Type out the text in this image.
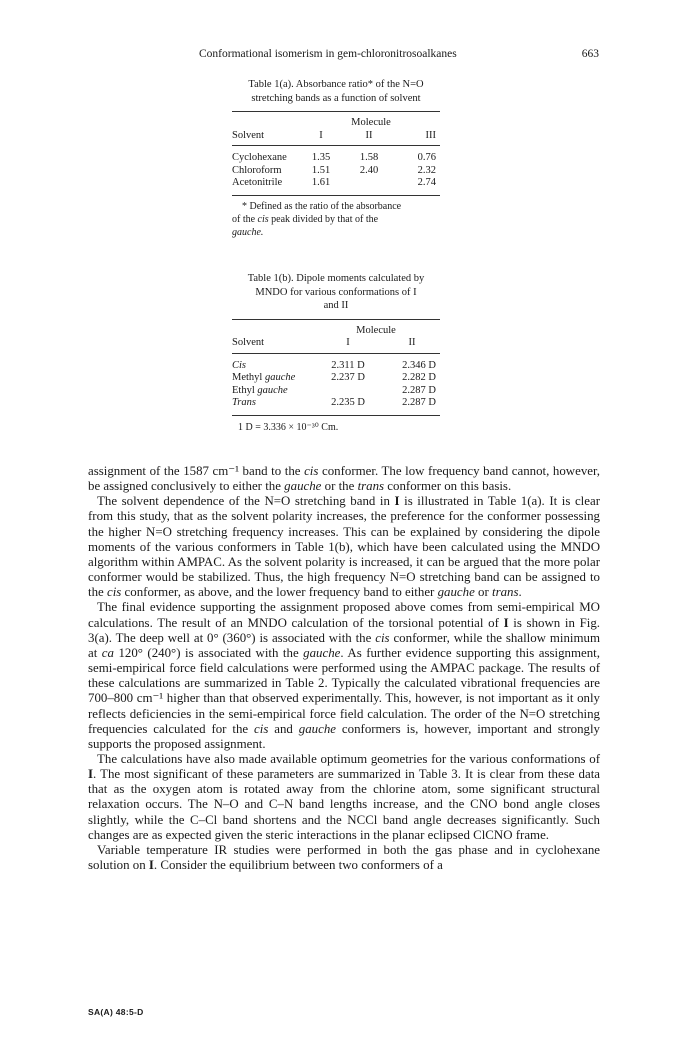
Conformational isomerism in gem-chloronitrosoalkanes	663
Table 1(a). Absorbance ratio* of the N=O
stretching bands as a function of solvent
	Molecule		
Solvent	I	II	III
Cyclohexane	1.35	1.58	0.76
Chloroform	1.51	2.40	2.32
Acetonitrile	1.61		2.74
* Defined as the ratio of the absorbance
of the cis peak divided by that of the
gauche.
Table 1(b). Dipole moments calculated by
MNDO for various conformations of I
and II
	Molecule	
Solvent	I	II
Cis	2.311 D	2.346 D
Methyl gauche	2.237 D	2.282 D
Ethyl gauche		2.287 D
Trans	2.235 D	2.287 D
1 D = 3.336 × 10⁻³⁰ Cm.

assignment of the 1587 cm⁻¹ band to the cis conformer. The low frequency band cannot, however, be assigned conclusively to either the gauche or the trans conformer on this basis.

The solvent dependence of the N=O stretching band in I is illustrated in Table 1(a). It is clear from this study, that as the solvent polarity increases, the preference for the conformer possessing the higher N=O stretching frequency increases. This can be explained by considering the dipole moments of the various conformers in Table 1(b), which have been calculated using the MNDO algorithm within AMPAC. As the solvent polarity is increased, it can be argued that the more polar conformer would be stabilized. Thus, the high frequency N=O stretching band can be assigned to the cis conformer, as above, and the lower frequency band to either gauche or trans.

The final evidence supporting the assignment proposed above comes from semi-empirical MO calculations. The result of an MNDO calculation of the torsional potential of I is shown in Fig. 3(a). The deep well at 0° (360°) is associated with the cis conformer, while the shallow minimum at ca 120° (240°) is associated with the gauche. As further evidence supporting this assignment, semi-empirical force field calculations were performed using the AMPAC package. The results of these calculations are summarized in Table 2. Typically the calculated vibrational frequencies are 700–800 cm⁻¹ higher than that observed experimentally. This, however, is not important as it only reflects deficiencies in the semi-empirical force field calculation. The order of the N=O stretching frequencies calculated for the cis and gauche conformers is, however, important and strongly supports the proposed assignment.

The calculations have also made available optimum geometries for the various conformations of I. The most significant of these parameters are summarized in Table 3. It is clear from these data that as the oxygen atom is rotated away from the chlorine atom, some significant structural relaxation occurs. The N–O and C–N band lengths increase, and the CNO bond angle closes slightly, while the C–Cl band shortens and the NCCl band angle decreases significantly. Such changes are as expected given the steric interactions in the planar eclipsed ClCNO frame.

Variable temperature IR studies were performed in both the gas phase and in cyclohexane solution on I. Consider the equilibrium between two conformers of a

SA(A) 48:5-D
